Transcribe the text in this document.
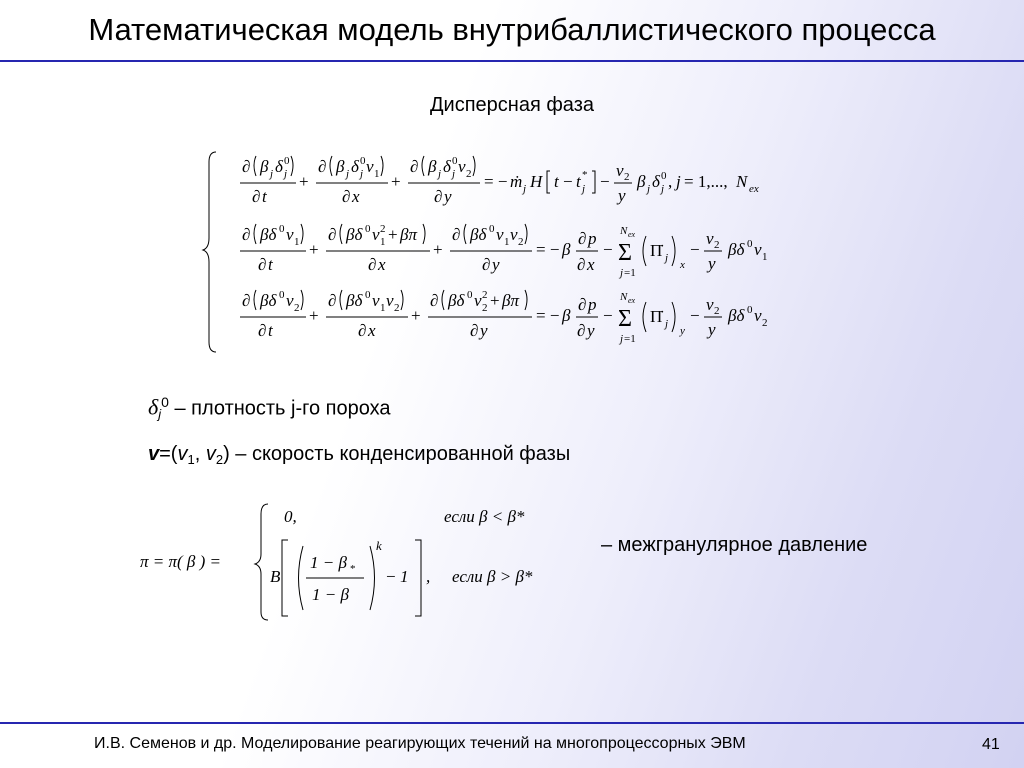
Математическая модель внутрибаллистического процесса
Дисперсная фаза
∂ β j δ j
0
∂ t
+
∂ β j δ j
0 v 1
∂ x
+
∂ β j δ j
0 v 2
∂ y
= − ṁ j H t − t j
* −
v 2
y
β j δ j
0 , j = 1,..., N ex
∂ βδ 0 v 1
∂ t
+
∂ βδ 0 v 1
2 + βπ
∂ x
+
∂ βδ 0 v 1 v 2
∂ y
= − β
∂ p
∂ x
−
N ex
Σ
j =1
Π̇ j
x
−
v 2
y
βδ 0 v 1
∂ βδ 0 v 2
∂ t
+
∂ βδ 0 v 1 v 2
∂ x
+
∂ βδ 0 v 2
2 + βπ
∂ y
= − β
∂ p
∂ y
−
N ex
Σ
j =1
Π̇ j
y
−
v 2
y
βδ 0 v 2
$\delta_j^0$ – плотность j-го пороха
$v=(v_1$, $v_2$) – скорость конденсированной фазы
π = π( β ) =
0,	если β < β*
B
1 − β *
1 − β
k
− 1 , если β > β*
– межгранулярное давление
И.В. Семенов и др. Моделирование реагирующих течений на многопроцессорных ЭВМ	41
